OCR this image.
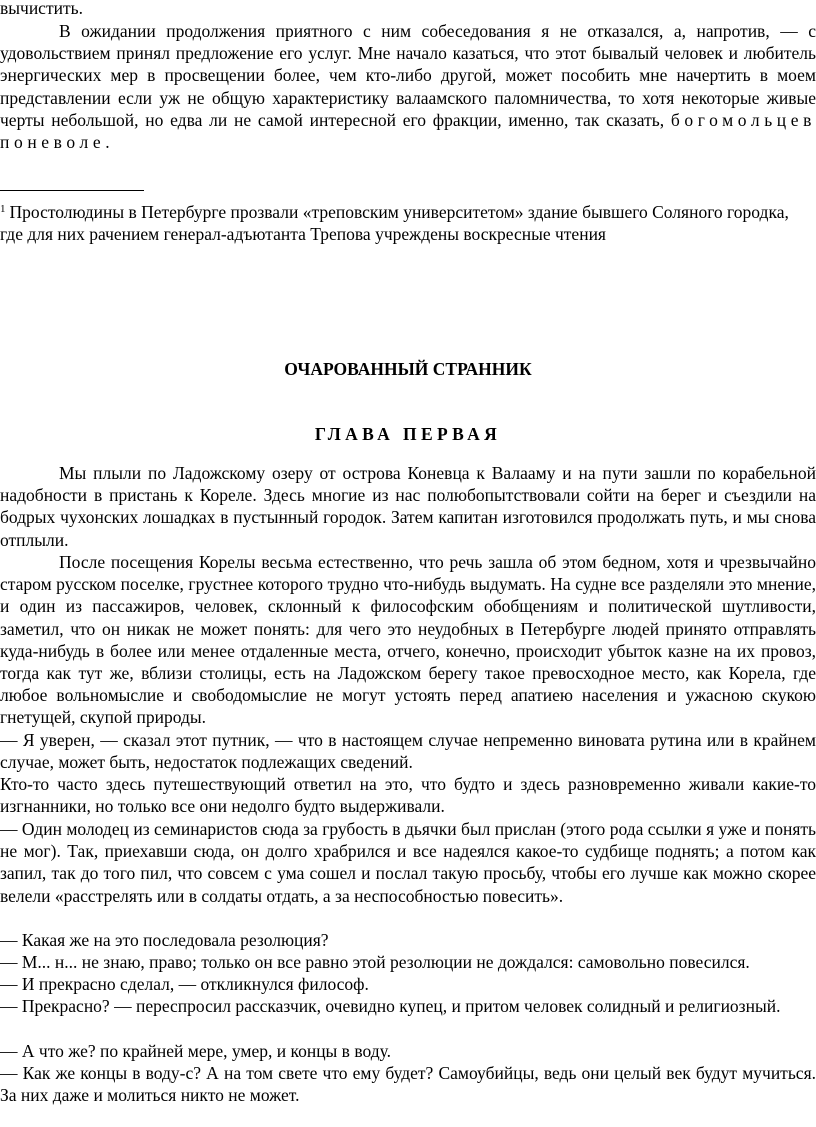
вычистить.

В ожидании продолжения приятного с ним собеседования я не отказался, а, напротив, — с удовольствием принял предложение его услуг. Мне начало казаться, что этот бывалый человек и любитель энергических мер в просвещении более, чем кто-либо другой, может пособить мне начертить в моем представлении если уж не общую характеристику валаамского паломничества, то хотя некоторые живые черты небольшой, но едва ли не самой интересной его фракции, именно, так сказать, богомольцев поневоле.

$^1$ Простолюдины в Петербурге прозвали «треповским университетом» здание бывшего Соляного городка, где для них рачением генерал-адъютанта Трепова учреждены воскресные чтения

ОЧАРОВАННЫЙ СТРАННИК
ГЛАВА ПЕРВАЯ

Мы плыли по Ладожскому озеру от острова Коневца к Валааму и на пути зашли по корабельной надобности в пристань к Кореле. Здесь многие из нас полюбопытствовали сойти на берег и съездили на бодрых чухонских лошадках в пустынный городок. Затем капитан изготовился продолжать путь, и мы снова отплыли.

После посещения Корелы весьма естественно, что речь зашла об этом бедном, хотя и чрезвычайно старом русском поселке, грустнее которого трудно что-нибудь выдумать. На судне все разделяли это мнение, и один из пассажиров, человек, склонный к философским обобщениям и политической шутливости, заметил, что он никак не может понять: для чего это неудобных в Петербурге людей принято отправлять куда-нибудь в более или менее отдаленные места, отчего, конечно, происходит убыток казне на их провоз, тогда как тут же, вблизи столицы, есть на Ладожском берегу такое превосходное место, как Корела, где любое вольномыслие и свободомыслие не могут устоять перед апатиею населения и ужасною скукою гнетущей, скупой природы.

— Я уверен, — сказал этот путник, — что в настоящем случае непременно виновата рутина или в крайнем случае, может быть, недостаток подлежащих сведений.

Кто-то часто здесь путешествующий ответил на это, что будто и здесь разновременно живали какие-то изгнанники, но только все они недолго будто выдерживали.

— Один молодец из семинаристов сюда за грубость в дьячки был прислан (этого рода ссылки я уже и понять не мог). Так, приехавши сюда, он долго храбрился и все надеялся какое-то судбище поднять; а потом как запил, так до того пил, что совсем с ума сошел и послал такую просьбу, чтобы его лучше как можно скорее велели «расстрелять или в солдаты отдать, а за неспособностью повесить».

— Какая же на это последовала резолюция?

— М... н... не знаю, право; только он все равно этой резолюции не дождался: самовольно повесился.

— И прекрасно сделал, — откликнулся философ.

— Прекрасно? — переспросил рассказчик, очевидно купец, и притом человек солидный и религиозный.

— А что же? по крайней мере, умер, и концы в воду.

— Как же концы в воду-с? А на том свете что ему будет? Самоубийцы, ведь они целый век будут мучиться. За них даже и молиться никто не может.
